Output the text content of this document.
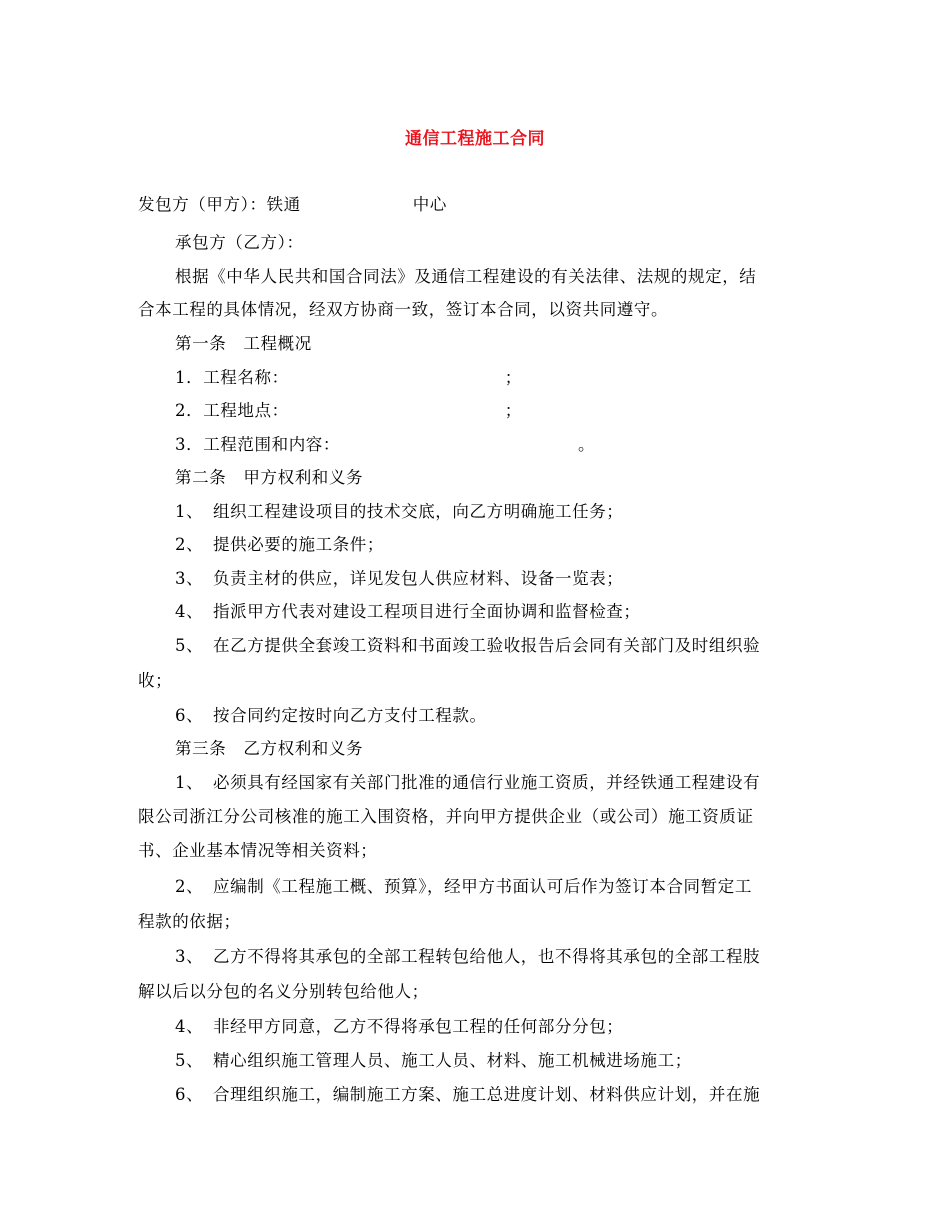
通信工程施工合同
发包方（甲方）：铁通	中心
承包方（乙方）：
根据《中华人民共和国合同法》及通信工程建设的有关法律、法规的规定，结
合本工程的具体情况，经双方协商一致，签订本合同，以资共同遵守。
第一条　工程概况
1．工程名称：	；
2．工程地点：	；
3．工程范围和内容：	。
第二条　甲方权利和义务
1、 组织工程建设项目的技术交底，向乙方明确施工任务；
2、 提供必要的施工条件；
3、 负责主材的供应，详见发包人供应材料、设备一览表；
4、 指派甲方代表对建设工程项目进行全面协调和监督检查；
5、 在乙方提供全套竣工资料和书面竣工验收报告后会同有关部门及时组织验
收；
6、 按合同约定按时向乙方支付工程款。
第三条　乙方权利和义务
1、 必须具有经国家有关部门批准的通信行业施工资质，并经铁通工程建设有
限公司浙江分公司核准的施工入围资格，并向甲方提供企业（或公司）施工资质证
书、企业基本情况等相关资料；
2、 应编制《工程施工概、预算》，经甲方书面认可后作为签订本合同暂定工
程款的依据；
3、 乙方不得将其承包的全部工程转包给他人，也不得将其承包的全部工程肢
解以后以分包的名义分别转包给他人；
4、 非经甲方同意，乙方不得将承包工程的任何部分分包；
5、 精心组织施工管理人员、施工人员、材料、施工机械进场施工；
6、 合理组织施工，编制施工方案、施工总进度计划、材料供应计划，并在施
